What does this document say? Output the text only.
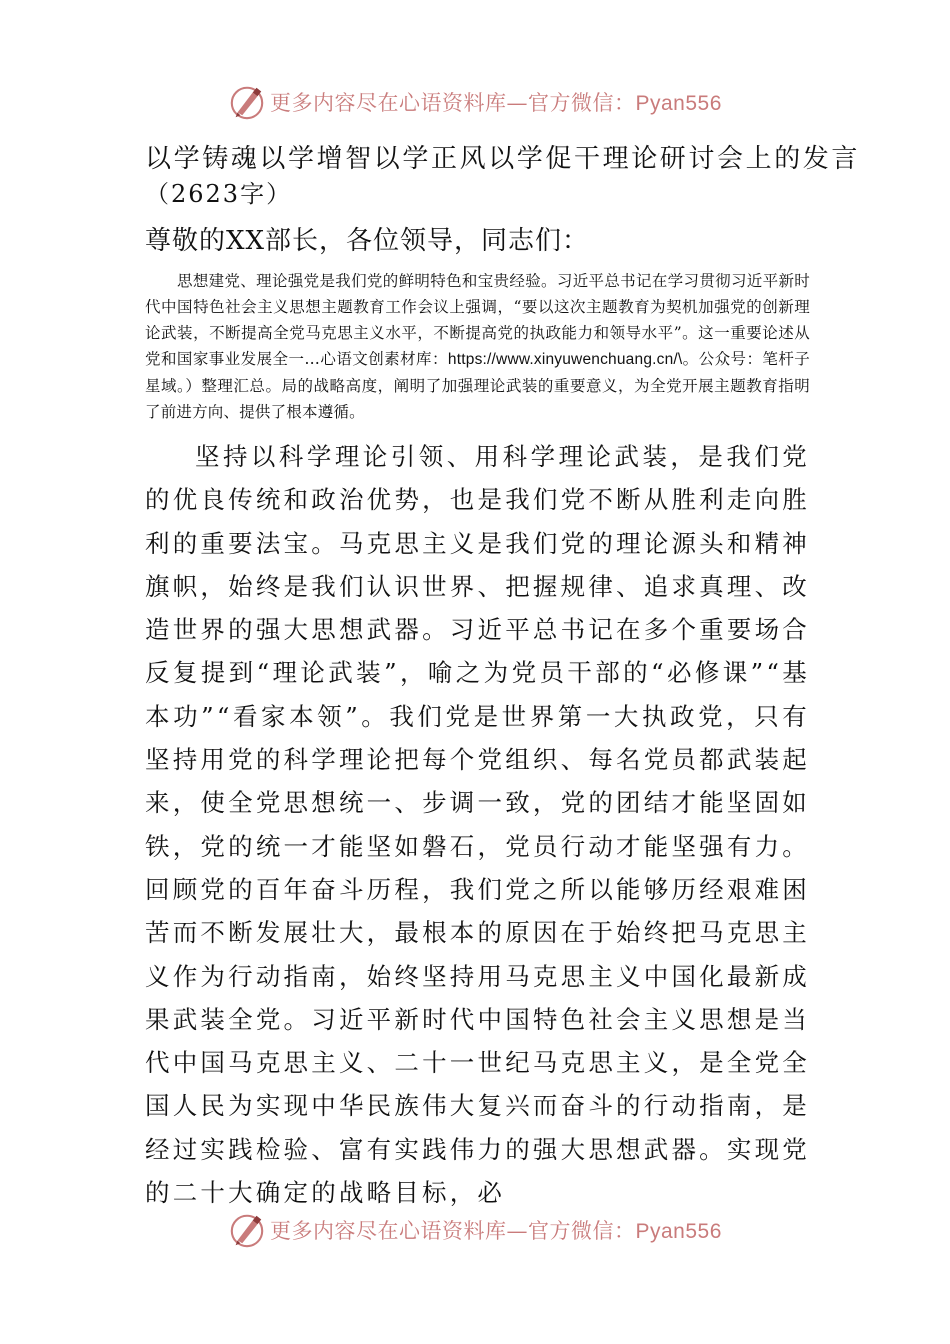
更多内容尽在心语资料库—官方微信：Pyan556
以学铸魂以学增智以学正风以学促干理论研讨会上的发言

（2623字）

尊敬的XX部长，各位领导，同志们：

思想建党、理论强党是我们党的鲜明特色和宝贵经验。习近平总书记在学习贯彻习近平新时代中国特色社会主义思想主题教育工作会议上强调，“要以这次主题教育为契机加强党的创新理论武装，不断提高全党马克思主义水平，不断提高党的执政能力和领导水平”。这一重要论述从党和国家事业发展全一…心语文创素材库：https://www.xinyuwenchuang.cn/\。公众号：笔杆子星域。）整理汇总。局的战略高度，阐明了加强理论武装的重要意义，为全党开展主题教育指明了前进方向、提供了根本遵循。

坚持以科学理论引领、用科学理论武装，是我们党的优良传统和政治优势，也是我们党不断从胜利走向胜利的重要法宝。马克思主义是我们党的理论源头和精神旗帜，始终是我们认识世界、把握规律、追求真理、改造世界的强大思想武器。习近平总书记在多个重要场合反复提到“理论武装”，喻之为党员干部的“必修课”“基本功”“看家本领”。我们党是世界第一大执政党，只有坚持用党的科学理论把每个党组织、每名党员都武装起来，使全党思想统一、步调一致，党的团结才能坚固如铁，党的统一才能坚如磐石，党员行动才能坚强有力。回顾党的百年奋斗历程，我们党之所以能够历经艰难困苦而不断发展壮大，最根本的原因在于始终把马克思主义作为行动指南，始终坚持用马克思主义中国化最新成果武装全党。习近平新时代中国特色社会主义思想是当代中国马克思主义、二十一世纪马克思主义，是全党全国人民为实现中华民族伟大复兴而奋斗的行动指南，是经过实践检验、富有实践伟力的强大思想武器。实现党的二十大确定的战略目标，必

更多内容尽在心语资料库—官方微信：Pyan556
